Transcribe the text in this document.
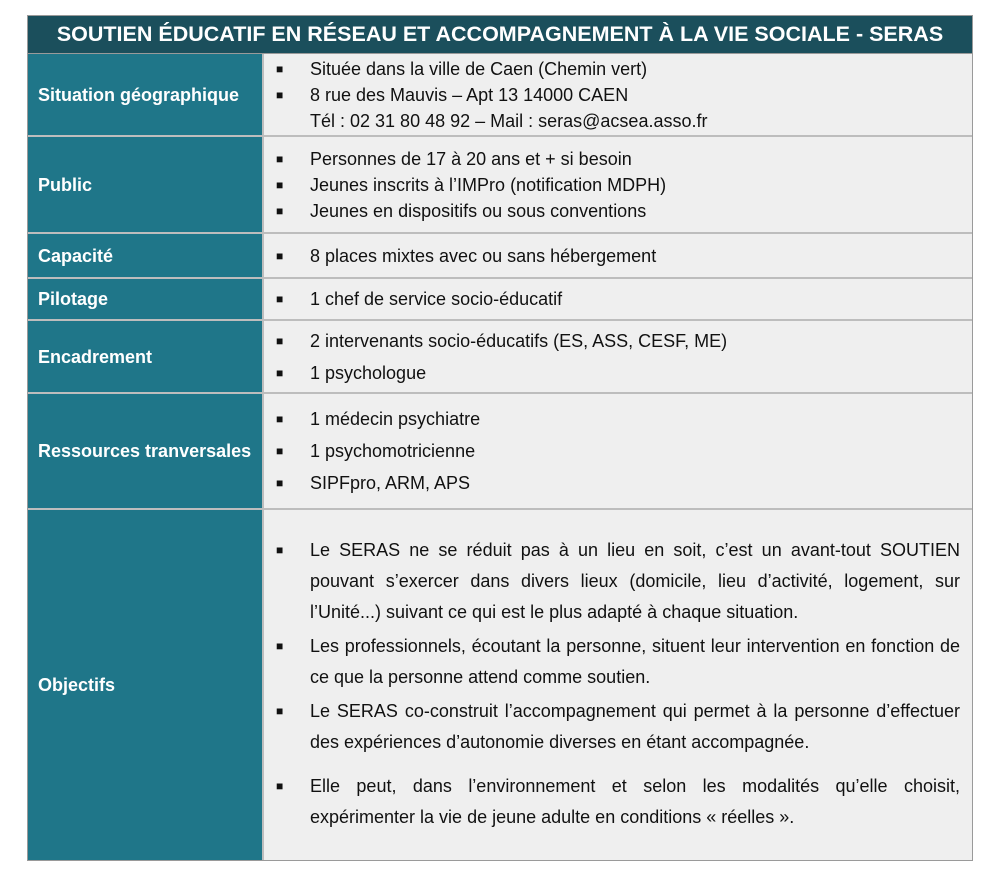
SOUTIEN ÉDUCATIF EN RÉSEAU ET ACCOMPAGNEMENT À LA VIE SOCIALE - SERAS
Situation géographique
■ Située dans la ville de Caen (Chemin vert)
■ 8 rue des Mauvis – Apt 13 14000 CAEN
Tél : 02 31 80 48 92 – Mail : seras@acsea.asso.fr
Public
■ Personnes de 17 à 20 ans et + si besoin
■ Jeunes inscrits à l’IMPro (notification MDPH)
■ Jeunes en dispositifs ou sous conventions
Capacité	■ 8 places mixtes avec ou sans hébergement
Pilotage	■ 1 chef de service socio-éducatif
Encadrement
■ 2 intervenants socio-éducatifs (ES, ASS, CESF, ME)
■ 1 psychologue
Ressources tranversales
■ 1 médecin psychiatre
■ 1 psychomotricienne
■ SIPFpro, ARM, APS
Objectifs
■ Le SERAS ne se réduit pas à un lieu en soit, c’est un avant-tout SOUTIEN pouvant s’exercer dans divers lieux (domicile, lieu d’activité, logement, sur l’Unité...) suivant ce qui est le plus adapté à chaque situation.
■ Les professionnels, écoutant la personne, situent leur intervention en fonction de ce que la personne attend comme soutien.
■ Le SERAS co-construit l’accompagnement qui permet à la personne d’effectuer des expériences d’autonomie diverses en étant accompagnée.
■ Elle peut, dans l’environnement et selon les modalités qu’elle choisit, expérimenter la vie de jeune adulte en conditions « réelles ».
